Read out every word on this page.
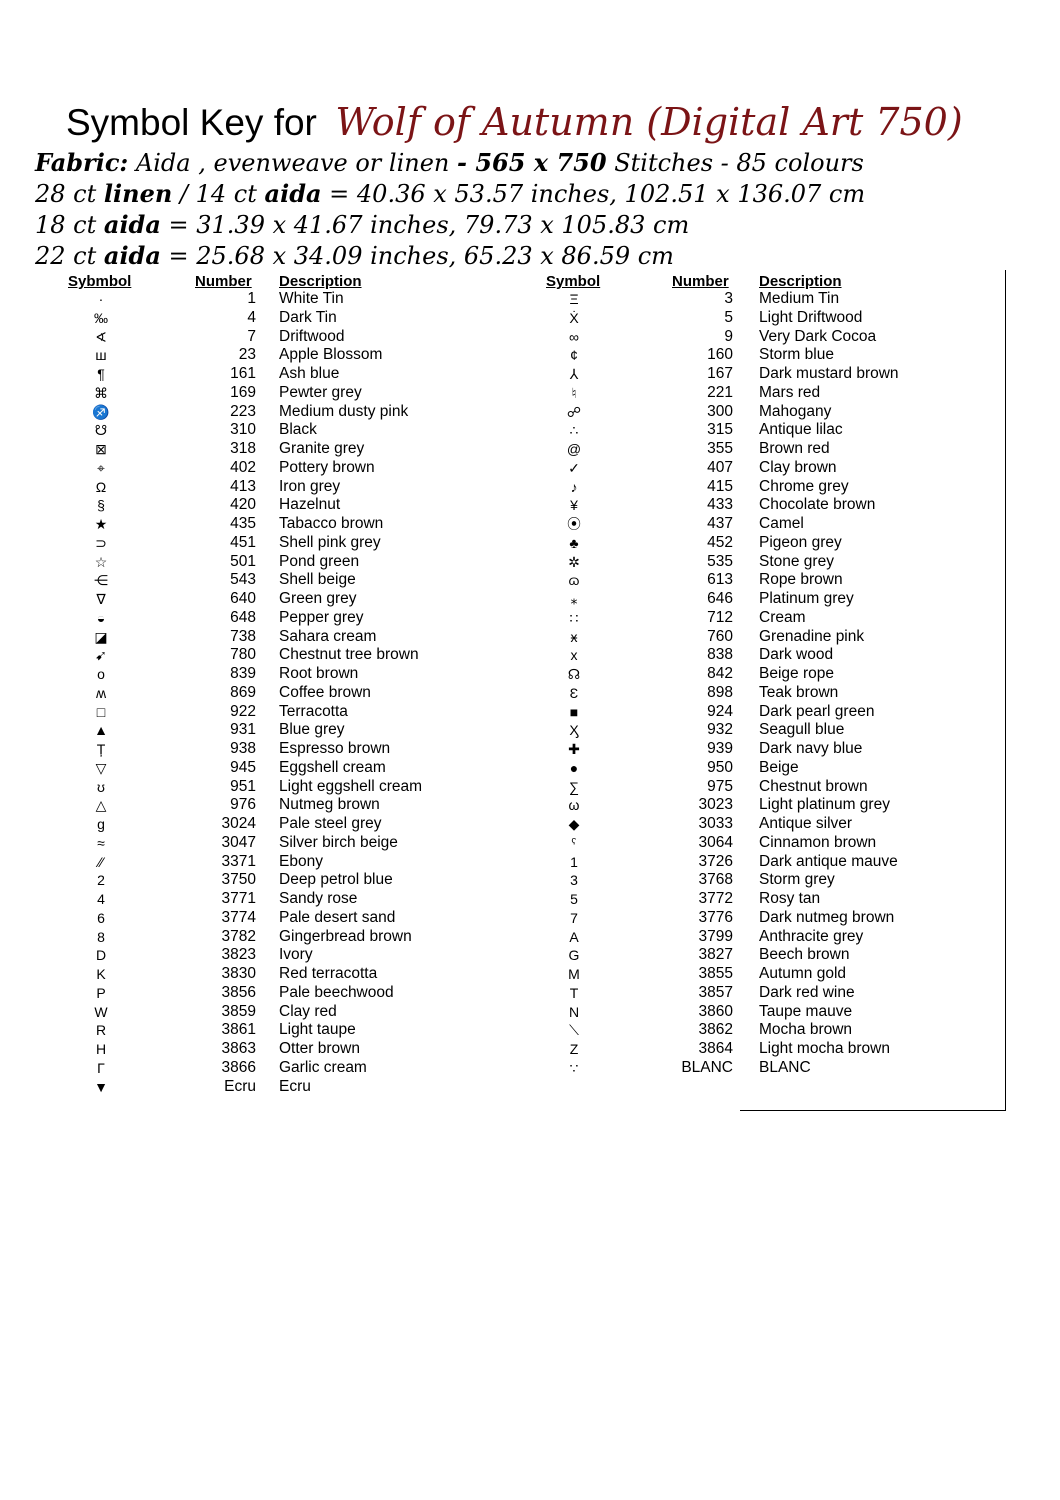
Symbol Key for Wolf of Autumn (Digital Art 750)
Fabric: Aida , evenweave or linen - 565 x 750 Stitches - 85 colours
28 ct linen / 14 ct aida = 40.36 x 53.57 inches, 102.51 x 136.07 cm
18 ct aida = 31.39 x 41.67 inches, 79.73 x 105.83 cm
22 ct aida = 25.68 x 34.09 inches, 65.23 x 86.59 cm

Sybmbol	Number Description	Symbol	Number Description
·	1 White Tin
‰	4 Dark Tin
∢	7 Driftwood
ш	23 Apple Blossom
¶	161 Ash blue
⌘	169 Pewter grey
♐	223 Medium dusty pink
☋	310 Black
⊠	318 Granite grey
⌖	402 Pottery brown
Ω	413 Iron grey
§	420 Hazelnut
★	435 Tabacco brown
⊃	451 Shell pink grey
☆	501 Pond green
⋲	543 Shell beige
∇	640 Green grey
◒	648 Pepper grey
◪	738 Sahara cream
➹	780 Chestnut tree brown
o	839 Root brown
ʍ	869 Coffee brown
□	922 Terracotta
▲	931 Blue grey
Ț	938 Espresso brown
▽	945 Eggshell cream
ʊ	951 Light eggshell cream
△	976 Nutmeg brown
g	3024 Pale steel grey
≈	3047 Silver birch beige
⁄⁄	3371 Ebony
2	3750 Deep petrol blue
4	3771 Sandy rose
6	3774 Pale desert sand
8	3782 Gingerbread brown
D	3823 Ivory
K	3830 Red terracotta
P	3856 Pale beechwood
W	3859 Clay red
R	3861 Light taupe
H	3863 Otter brown
Γ	3866 Garlic cream
▼	Ecru Ecru
Ξ	3 Medium Tin
Ẋ	5 Light Driftwood
∞	9 Very Dark Cocoa
¢	160 Storm blue
⅄	167 Dark mustard brown
♮	221 Mars red
☍	300 Mahogany
∴	315 Antique lilac
@	355 Brown red
✓	407 Clay brown
♪	415 Chrome grey
¥	433 Chocolate brown
⦿	437 Camel
♣	452 Pigeon grey
✲	535 Stone grey
ɷ	613 Rope brown
⁎	646 Platinum grey
∷	712 Cream
ӿ	760 Grenadine pink
x	838 Dark wood
☊	842 Beige rope
Ɛ	898 Teak brown
■	924 Dark pearl green
Ӽ	932 Seagull blue
✚	939 Dark navy blue
●	950 Beige
∑	975 Chestnut brown
ω	3023 Light platinum grey
◆	3033 Antique silver
ˁ	3064 Cinnamon brown
1	3726 Dark antique mauve
3	3768 Storm grey
5	3772 Rosy tan
7	3776 Dark nutmeg brown
A	3799 Anthracite grey
G	3827 Beech brown
M	3855 Autumn gold
T	3857 Dark red wine
N	3860 Taupe mauve
⟍	3862 Mocha brown
Z	3864 Light mocha brown
∵	BLANC BLANC
